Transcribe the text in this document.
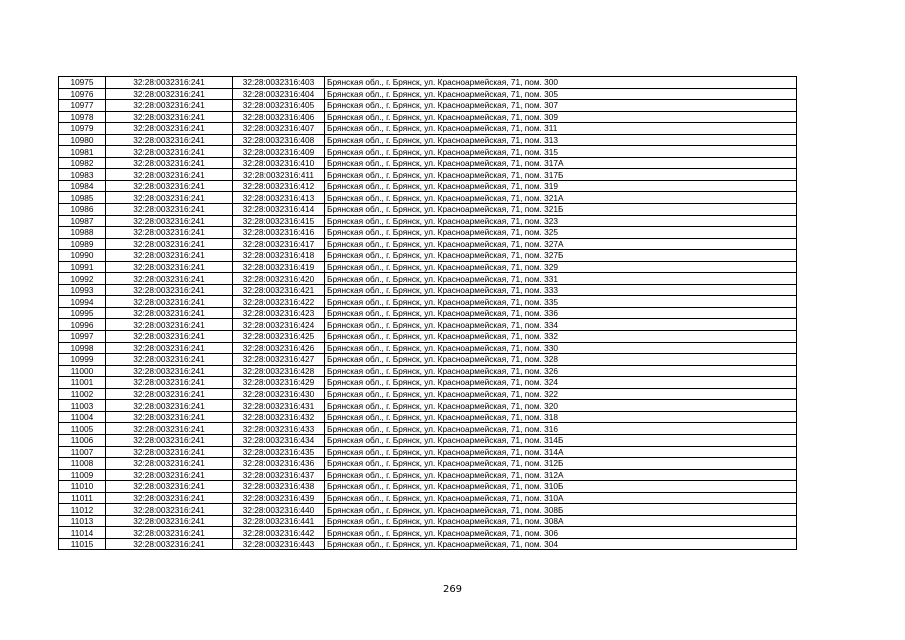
10975	32:28:0032316:241	32:28:0032316:403	Брянская обл., г. Брянск, ул. Красноармейская, 71, пом. 300
10976	32:28:0032316:241	32:28:0032316:404	Брянская обл., г. Брянск, ул. Красноармейская, 71, пом. 305
10977	32:28:0032316:241	32:28:0032316:405	Брянская обл., г. Брянск, ул. Красноармейская, 71, пом. 307
10978	32:28:0032316:241	32:28:0032316:406	Брянская обл., г. Брянск, ул. Красноармейская, 71, пом. 309
10979	32:28:0032316:241	32:28:0032316:407	Брянская обл., г. Брянск, ул. Красноармейская, 71, пом. 311
10980	32:28:0032316:241	32:28:0032316:408	Брянская обл., г. Брянск, ул. Красноармейская, 71, пом. 313
10981	32:28:0032316:241	32:28:0032316:409	Брянская обл., г. Брянск, ул. Красноармейская, 71, пом. 315
10982	32:28:0032316:241	32:28:0032316:410	Брянская обл., г. Брянск, ул. Красноармейская, 71, пом. 317А
10983	32:28:0032316:241	32:28:0032316:411	Брянская обл., г. Брянск, ул. Красноармейская, 71, пом. 317Б
10984	32:28:0032316:241	32:28:0032316:412	Брянская обл., г. Брянск, ул. Красноармейская, 71, пом. 319
10985	32:28:0032316:241	32:28:0032316:413	Брянская обл., г. Брянск, ул. Красноармейская, 71, пом. 321А
10986	32:28:0032316:241	32:28:0032316:414	Брянская обл., г. Брянск, ул. Красноармейская, 71, пом. 321Б
10987	32:28:0032316:241	32:28:0032316:415	Брянская обл., г. Брянск, ул. Красноармейская, 71, пом. 323
10988	32:28:0032316:241	32:28:0032316:416	Брянская обл., г. Брянск, ул. Красноармейская, 71, пом. 325
10989	32:28:0032316:241	32:28:0032316:417	Брянская обл., г. Брянск, ул. Красноармейская, 71, пом. 327А
10990	32:28:0032316:241	32:28:0032316:418	Брянская обл., г. Брянск, ул. Красноармейская, 71, пом. 327Б
10991	32:28:0032316:241	32:28:0032316:419	Брянская обл., г. Брянск, ул. Красноармейская, 71, пом. 329
10992	32:28:0032316:241	32:28:0032316:420	Брянская обл., г. Брянск, ул. Красноармейская, 71, пом. 331
10993	32:28:0032316:241	32:28:0032316:421	Брянская обл., г. Брянск, ул. Красноармейская, 71, пом. 333
10994	32:28:0032316:241	32:28:0032316:422	Брянская обл., г. Брянск, ул. Красноармейская, 71, пом. 335
10995	32:28:0032316:241	32:28:0032316:423	Брянская обл., г. Брянск, ул. Красноармейская, 71, пом. 336
10996	32:28:0032316:241	32:28:0032316:424	Брянская обл., г. Брянск, ул. Красноармейская, 71, пом. 334
10997	32:28:0032316:241	32:28:0032316:425	Брянская обл., г. Брянск, ул. Красноармейская, 71, пом. 332
10998	32:28:0032316:241	32:28:0032316:426	Брянская обл., г. Брянск, ул. Красноармейская, 71, пом. 330
10999	32:28:0032316:241	32:28:0032316:427	Брянская обл., г. Брянск, ул. Красноармейская, 71, пом. 328
11000	32:28:0032316:241	32:28:0032316:428	Брянская обл., г. Брянск, ул. Красноармейская, 71, пом. 326
11001	32:28:0032316:241	32:28:0032316:429	Брянская обл., г. Брянск, ул. Красноармейская, 71, пом. 324
11002	32:28:0032316:241	32:28:0032316:430	Брянская обл., г. Брянск, ул. Красноармейская, 71, пом. 322
11003	32:28:0032316:241	32:28:0032316:431	Брянская обл., г. Брянск, ул. Красноармейская, 71, пом. 320
11004	32:28:0032316:241	32:28:0032316:432	Брянская обл., г. Брянск, ул. Красноармейская, 71, пом. 318
11005	32:28:0032316:241	32:28:0032316:433	Брянская обл., г. Брянск, ул. Красноармейская, 71, пом. 316
11006	32:28:0032316:241	32:28:0032316:434	Брянская обл., г. Брянск, ул. Красноармейская, 71, пом. 314Б
11007	32:28:0032316:241	32:28:0032316:435	Брянская обл., г. Брянск, ул. Красноармейская, 71, пом. 314А
11008	32:28:0032316:241	32:28:0032316:436	Брянская обл., г. Брянск, ул. Красноармейская, 71, пом. 312Б
11009	32:28:0032316:241	32:28:0032316:437	Брянская обл., г. Брянск, ул. Красноармейская, 71, пом. 312А
11010	32:28:0032316:241	32:28:0032316:438	Брянская обл., г. Брянск, ул. Красноармейская, 71, пом. 310Б
11011	32:28:0032316:241	32:28:0032316:439	Брянская обл., г. Брянск, ул. Красноармейская, 71, пом. 310А
11012	32:28:0032316:241	32:28:0032316:440	Брянская обл., г. Брянск, ул. Красноармейская, 71, пом. 308Б
11013	32:28:0032316:241	32:28:0032316:441	Брянская обл., г. Брянск, ул. Красноармейская, 71, пом. 308А
11014	32:28:0032316:241	32:28:0032316:442	Брянская обл., г. Брянск, ул. Красноармейская, 71, пом. 306
11015	32:28:0032316:241	32:28:0032316:443	Брянская обл., г. Брянск, ул. Красноармейская, 71, пом. 304
269
